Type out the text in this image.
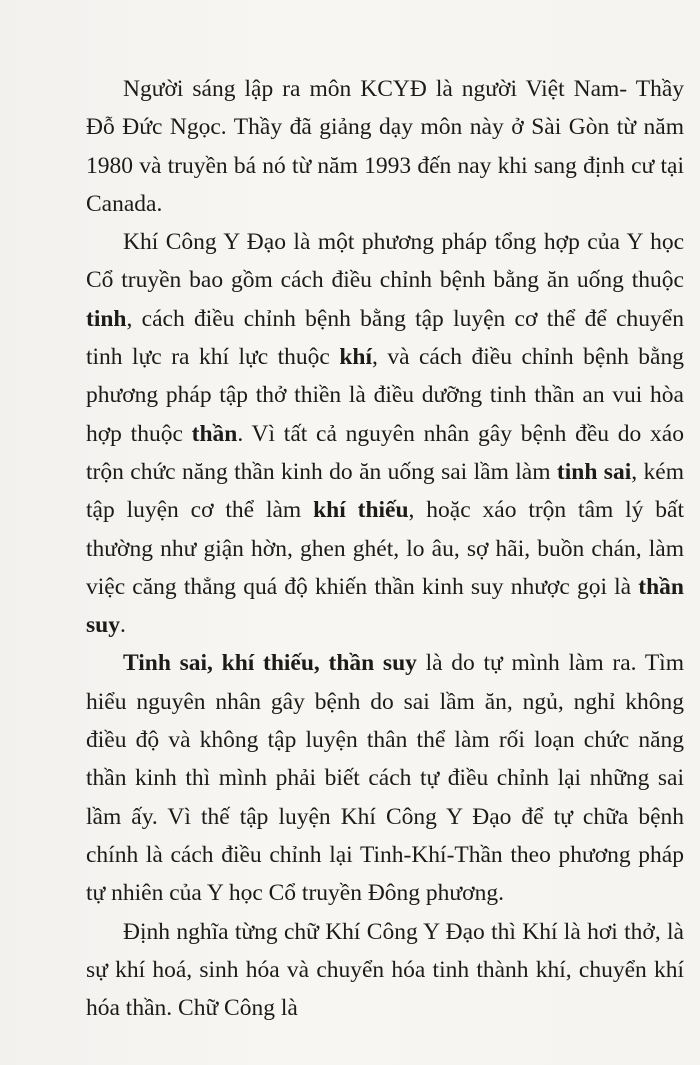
Người sáng lập ra môn KCYĐ là người Việt Nam- Thầy Đỗ Đức Ngọc. Thầy đã giảng dạy môn này ở Sài Gòn từ năm 1980 và truyền bá nó từ năm 1993 đến nay khi sang định cư tại Canada.

Khí Công Y Đạo là một phương pháp tổng hợp của Y học Cổ truyền bao gồm cách điều chỉnh bệnh bằng ăn uống thuộc tinh, cách điều chỉnh bệnh bằng tập luyện cơ thể để chuyển tinh lực ra khí lực thuộc khí, và cách điều chỉnh bệnh bằng phương pháp tập thở thiền là điều dưỡng tinh thần an vui hòa hợp thuộc thần. Vì tất cả nguyên nhân gây bệnh đều do xáo trộn chức năng thần kinh do ăn uống sai lầm làm tinh sai, kém tập luyện cơ thể làm khí thiếu, hoặc xáo trộn tâm lý bất thường như giận hờn, ghen ghét, lo âu, sợ hãi, buồn chán, làm việc căng thẳng quá độ khiến thần kinh suy nhược gọi là thần suy.

Tinh sai, khí thiếu, thần suy là do tự mình làm ra. Tìm hiểu nguyên nhân gây bệnh do sai lầm ăn, ngủ, nghỉ không điều độ và không tập luyện thân thể làm rối loạn chức năng thần kinh thì mình phải biết cách tự điều chỉnh lại những sai lầm ấy. Vì thế tập luyện Khí Công Y Đạo để tự chữa bệnh chính là cách điều chỉnh lại Tinh-Khí-Thần theo phương pháp tự nhiên của Y học Cổ truyền Đông phương.

Định nghĩa từng chữ Khí Công Y Đạo thì Khí là hơi thở, là sự khí hoá, sinh hóa và chuyển hóa tinh thành khí, chuyển khí hóa thần. Chữ Công là
